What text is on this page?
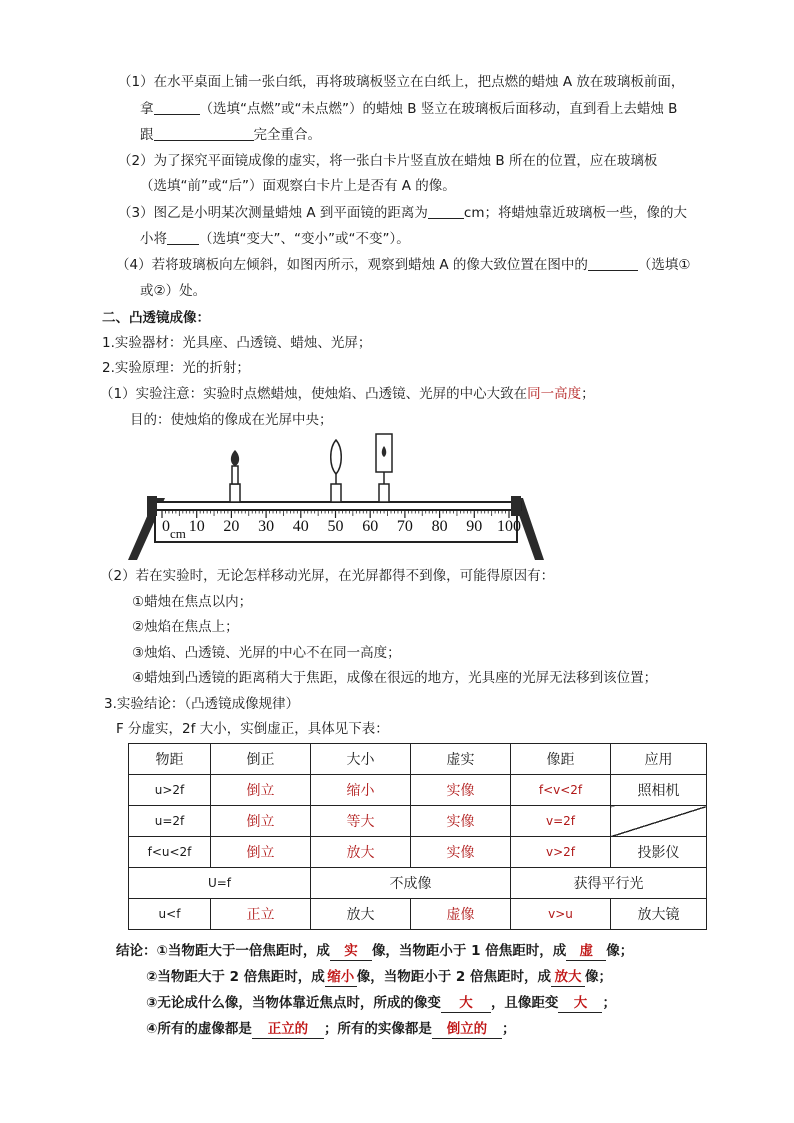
（1）在水平桌面上铺一张白纸，再将玻璃板竖立在白纸上，把点燃的蜡烛 A 放在玻璃板前面，
拿	（选填“点燃”或“未点燃”）的蜡烛 B 竖立在玻璃板后面移动，直到看上去蜡烛 B
跟	完全重合。
（2）为了探究平面镜成像的虚实，将一张白卡片竖直放在蜡烛 B 所在的位置，应在玻璃板
（选填“前”或“后”）面观察白卡片上是否有 A 的像。
（3）图乙是小明某次测量蜡烛 A 到平面镜的距离为	cm；将蜡烛靠近玻璃板一些，像的大
小将 （选填“变大”、“变小”或“不变”）。
（4）若将玻璃板向左倾斜，如图丙所示，观察到蜡烛 A 的像大致位置在图中的	（选填①
或②）处。
二、凸透镜成像：
1.实验器材：光具座、凸透镜、蜡烛、光屏；
2.实验原理：光的折射；
（1）实验注意：实验时点燃蜡烛，使烛焰、凸透镜、光屏的中心大致在同一高度；
目的：使烛焰的像成在光屏中央；
0 10 20 30 40 50 60 70 80 90 100
cm
（2）若在实验时，无论怎样移动光屏，在光屏都得不到像，可能得原因有：
①蜡烛在焦点以内；
②烛焰在焦点上；
③烛焰、凸透镜、光屏的中心不在同一高度；
④蜡烛到凸透镜的距离稍大于焦距，成像在很远的地方，光具座的光屏无法移到该位置；
3.实验结论：（凸透镜成像规律）
F 分虚实，2f 大小，实倒虚正，具体见下表：
物距	倒正	大小	虚实	像距	应用
u>2f	倒立	缩小	实像	f<v<2f	照相机
u=2f	倒立	等大	实像	v=2f	
f<u<2f	倒立	放大	实像	v>2f	投影仪
U=f		不成像		获得平行光	
u<f	正立	放大	虚像	v>u	放大镜
结论：①当物距大于一倍焦距时，成 实 像，当物距小于 1 倍焦距时，成 虚 像；
②当物距大于 2 倍焦距时，成 缩小 像，当物距小于 2 倍焦距时，成 放大 像；
③无论成什么像，当物体靠近焦点时，所成的像变 大 ，且像距变 大 ；
④所有的虚像都是 正立的 ；所有的实像都是 倒立的 ；
